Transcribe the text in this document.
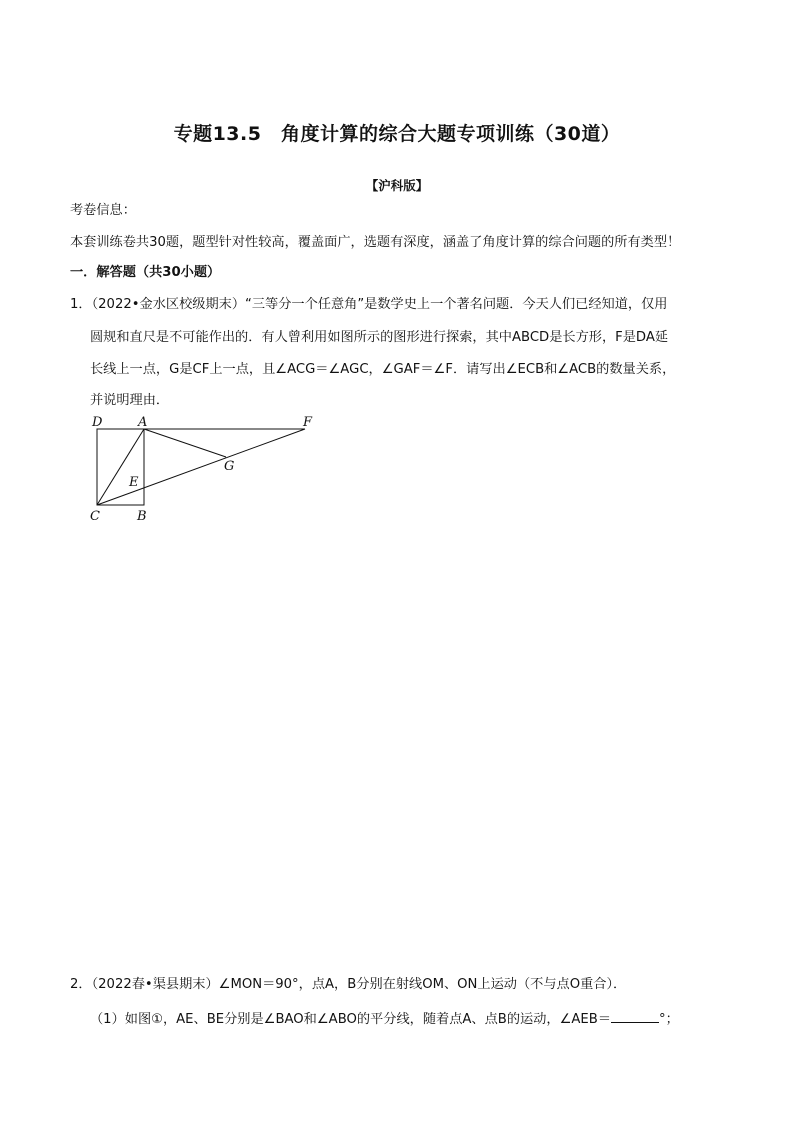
专题13.5　角度计算的综合大题专项训练（30道）
【沪科版】
考卷信息：
本套训练卷共30题，题型针对性较高，覆盖面广，选题有深度，涵盖了角度计算的综合问题的所有类型！
一．解答题（共30小题）
1．（2022•金水区校级期末）“三等分一个任意角”是数学史上一个著名问题．今天人们已经知道，仅用
圆规和直尺是不可能作出的．有人曾利用如图所示的图形进行探索，其中ABCD是长方形，F是DA延
长线上一点，G是CF上一点，且∠ACG＝∠AGC，∠GAF＝∠F．请写出∠ECB和∠ACB的数量关系，
并说明理由．
D	A	F
G
E
C	B
2．（2022春•渠县期末）∠MON＝90°，点A，B分别在射线OM、ON上运动（不与点O重合）．
（1）如图①，AE、BE分别是∠BAO和∠ABO的平分线，随着点A、点B的运动，∠AEB＝	°；
